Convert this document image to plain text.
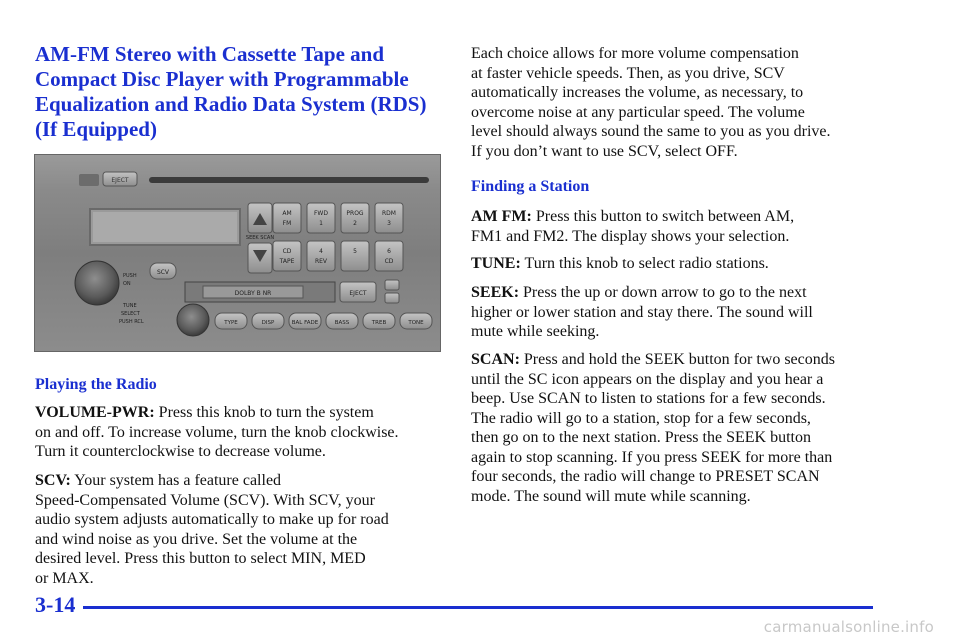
AM-FM Stereo with Cassette Tape and
Compact Disc Player with Programmable
Equalization and Radio Data System (RDS)
(If Equipped)
EJECT
SEEK SCAN
AM
FM
FWD
1
PROG
2
RDM
3
CD
TAPE
4
REV
5	6
CD
PUSH
ON
SCV
DOLBY B NR	EJECT
TUNE
SELECT
PUSH RCL	TYPE	DISP	BAL FADE	BASS	TREB	TONE
Playing the Radio

VOLUME-PWR: Press this knob to turn the system
on and off. To increase volume, turn the knob clockwise.
Turn it counterclockwise to decrease volume.

SCV: Your system has a feature called
Speed-Compensated Volume (SCV). With SCV, your
audio system adjusts automatically to make up for road
and wind noise as you drive. Set the volume at the
desired level. Press this button to select MIN, MED
or MAX.

Each choice allows for more volume compensation
at faster vehicle speeds. Then, as you drive, SCV
automatically increases the volume, as necessary, to
overcome noise at any particular speed. The volume
level should always sound the same to you as you drive.
If you don’t want to use SCV, select OFF.

Finding a Station

AM FM: Press this button to switch between AM,
FM1 and FM2. The display shows your selection.

TUNE: Turn this knob to select radio stations.

SEEK: Press the up or down arrow to go to the next
higher or lower station and stay there. The sound will
mute while seeking.

SCAN: Press and hold the SEEK button for two seconds
until the SC icon appears on the display and you hear a
beep. Use SCAN to listen to stations for a few seconds.
The radio will go to a station, stop for a few seconds,
then go on to the next station. Press the SEEK button
again to stop scanning. If you press SEEK for more than
four seconds, the radio will change to PRESET SCAN
mode. The sound will mute while scanning.

3-14
carmanualsonline.info
